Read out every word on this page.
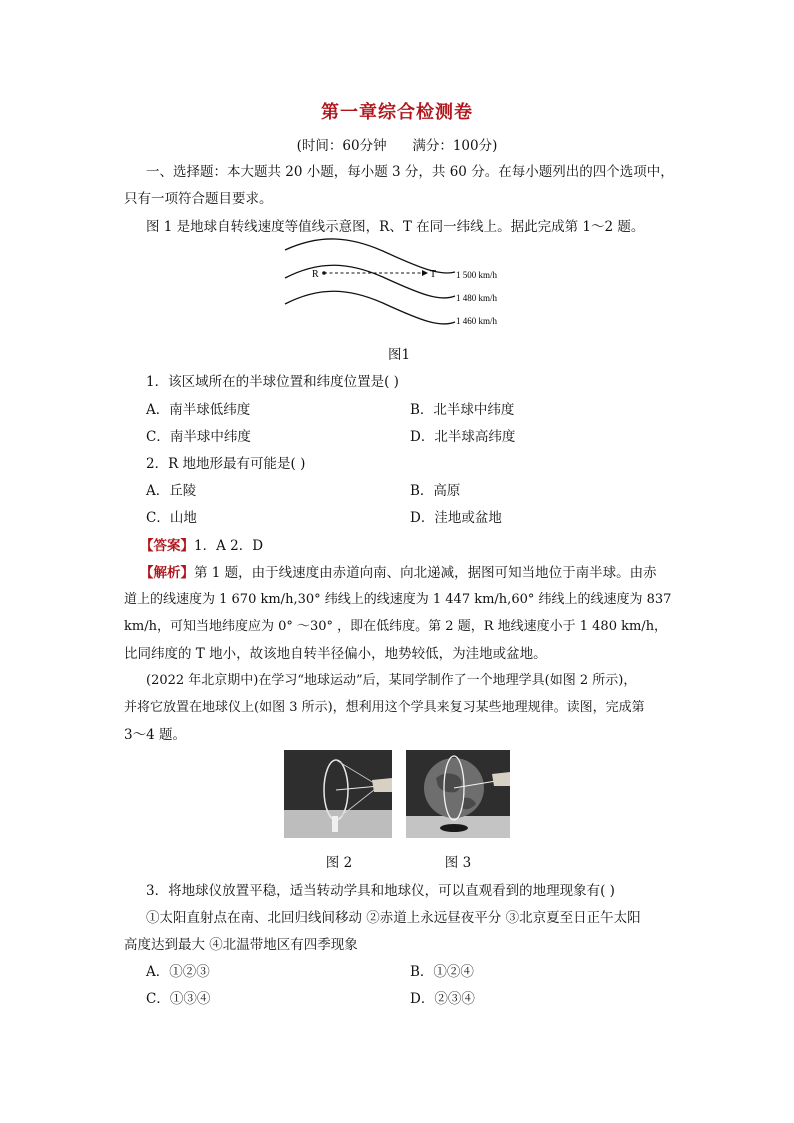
第一章综合检测卷
(时间：60分钟      满分：100分)
一、选择题：本大题共 20 小题，每小题 3 分，共 60 分。在每小题列出的四个选项中，
只有一项符合题目要求。
图 1 是地球自转线速度等值线示意图，R、T 在同一纬线上。据此完成第 1～2 题。
R	T 1 500 km/h
1 480 km/h
1 460 km/h
图1
1．该区域所在的半球位置和纬度位置是( )
A．南半球低纬度	B．北半球中纬度
C．南半球中纬度	D．北半球高纬度
2．R 地地形最有可能是( )
A．丘陵	B．高原
C．山地	D．洼地或盆地
【答案】1．A 2．D
【解析】第 1 题，由于线速度由赤道向南、向北递减，据图可知当地位于南半球。由赤
道上的线速度为 1 670 km/h,30° 纬线上的线速度为 1 447 km/h,60° 纬线上的线速度为 837
km/h，可知当地纬度应为 0° ～30° ，即在低纬度。第 2 题，R 地线速度小于 1 480 km/h，
比同纬度的 T 地小，故该地自转半径偏小，地势较低，为洼地或盆地。
(2022 年北京期中)在学习“地球运动”后，某同学制作了一个地理学具(如图 2 所示)，
并将它放置在地球仪上(如图 3 所示)，想利用这个学具来复习某些地理规律。读图，完成第
3～4 题。
图 2	图 3
3．将地球仪放置平稳，适当转动学具和地球仪，可以直观看到的地理现象有( )
①太阳直射点在南、北回归线间移动 ②赤道上永远昼夜平分 ③北京夏至日正午太阳
高度达到最大 ④北温带地区有四季现象
A．①②③	B．①②④
C．①③④	D．②③④
